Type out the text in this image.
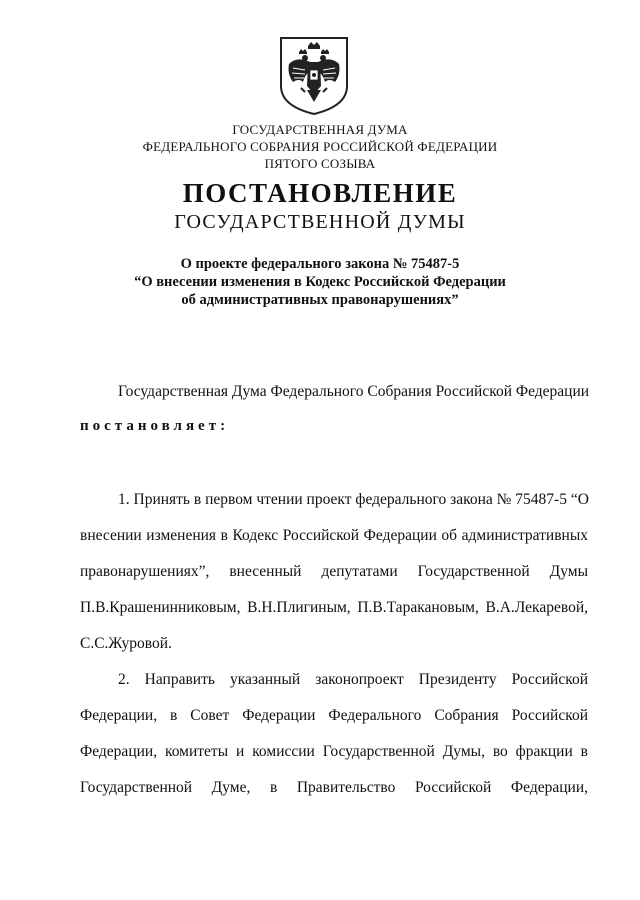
ГОСУДАРСТВЕННАЯ ДУМА
ФЕДЕРАЛЬНОГО СОБРАНИЯ РОССИЙСКОЙ ФЕДЕРАЦИИ
ПЯТОГО СОЗЫВА
ПОСТАНОВЛЕНИЕ
ГОСУДАРСТВЕННОЙ ДУМЫ
О проекте федерального закона № 75487-5
“О внесении изменения в Кодекс Российской Федерации
об административных правонарушениях”
Государственная Дума Федерального Собрания Российской Федерации
постановляет:
1. Принять в первом чтении проект федерального закона № 75487-5 “О
внесении изменения в Кодекс Российской Федерации об административных
правонарушениях”, внесенный депутатами Государственной Думы
П.В.Крашенинниковым, В.Н.Плигиным, П.В.Таракановым, В.А.Лекаревой,
С.С.Журовой.
2. Направить указанный законопроект Президенту Российской
Федерации, в Совет Федерации Федерального Собрания Российской
Федерации, комитеты и комиссии Государственной Думы, во фракции в
Государственной Думе, в Правительство Российской Федерации,
